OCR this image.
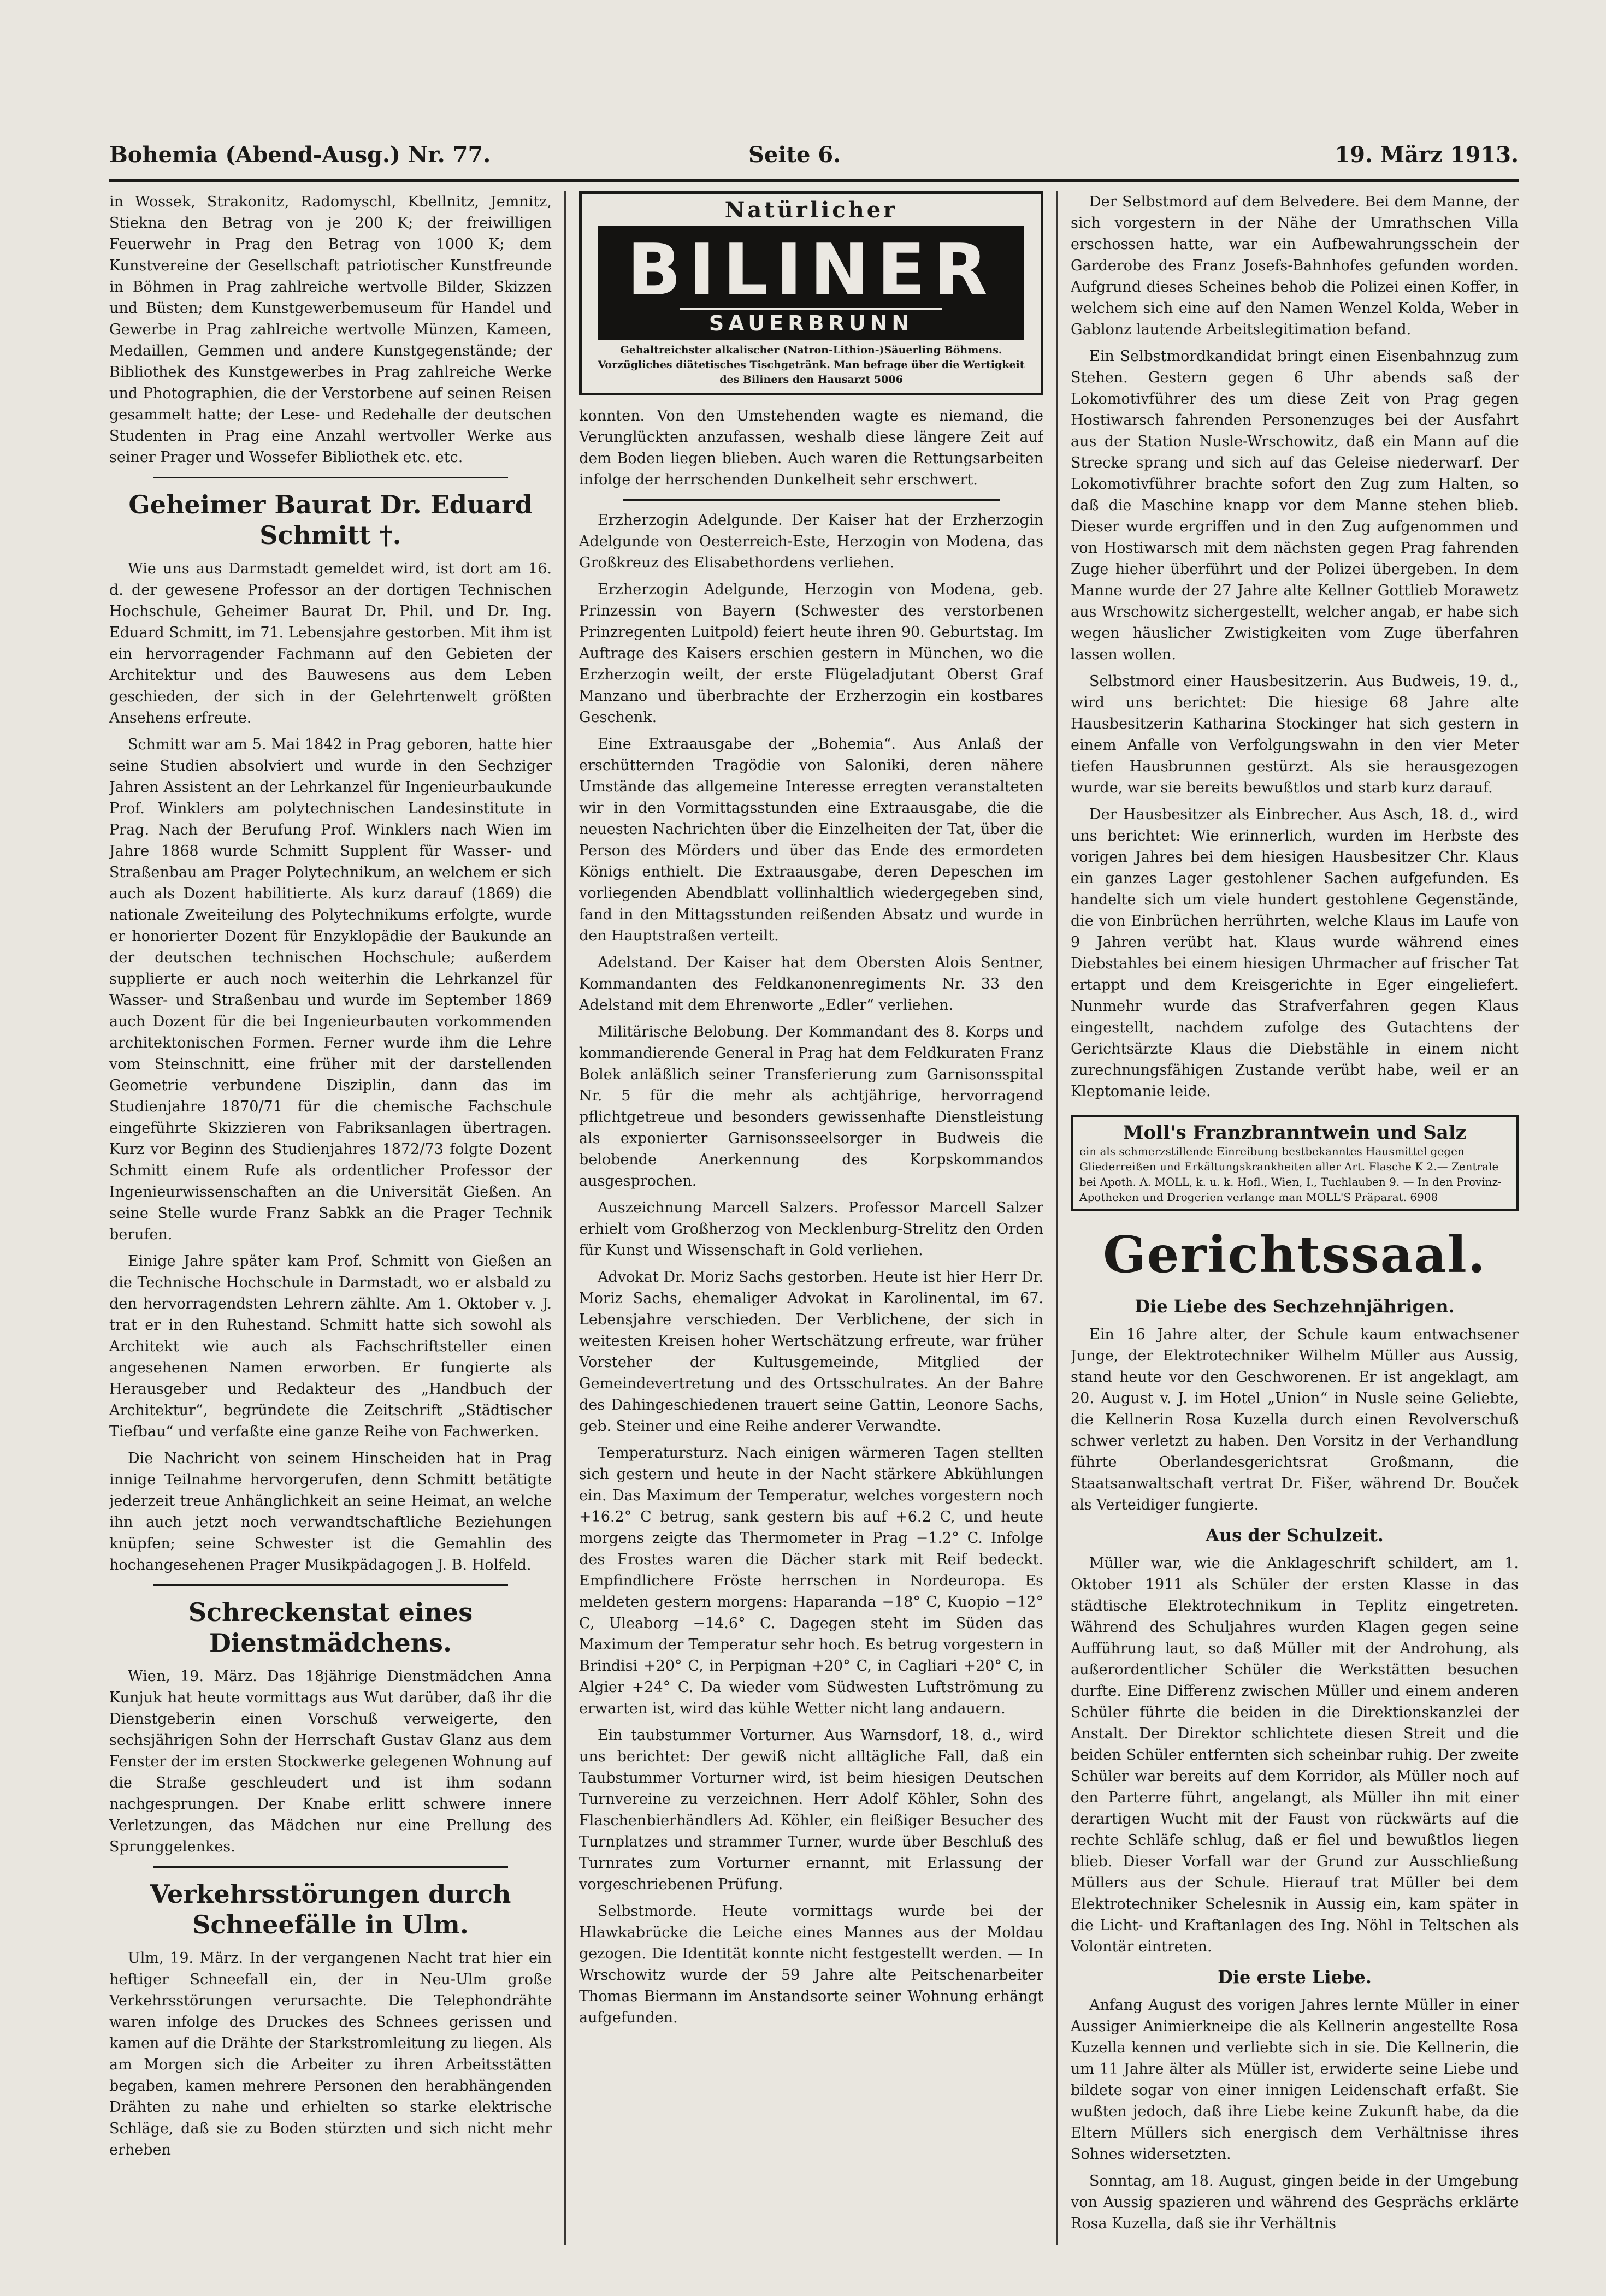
Bohemia (Abend-Ausg.) Nr. 77.	Seite 6.	19. März 1913.

in Wossek, Strakonitz, Radomyschl, Kbellnitz, Jemnitz, Stiekna den Betrag von je 200 K; der freiwilligen Feuerwehr in Prag den Betrag von 1000 K; dem Kunstvereine der Gesellschaft patriotischer Kunstfreunde in Böhmen in Prag zahlreiche wertvolle Bilder, Skizzen und Büsten; dem Kunstgewerbemuseum für Handel und Gewerbe in Prag zahlreiche wertvolle Münzen, Kameen, Medaillen, Gemmen und andere Kunstgegenstände; der Bibliothek des Kunstgewerbes in Prag zahlreiche Werke und Photographien, die der Verstorbene auf seinen Reisen gesammelt hatte; der Lese- und Redehalle der deutschen Studenten in Prag eine Anzahl wertvoller Werke aus seiner Prager und Wossefer Bibliothek etc. etc.

Geheimer Baurat Dr. Eduard Schmitt †.

Wie uns aus Darmstadt gemeldet wird, ist dort am 16. d. der gewesene Professor an der dortigen Technischen Hochschule, Geheimer Baurat Dr. Phil. und Dr. Ing. Eduard Schmitt, im 71. Lebensjahre gestorben. Mit ihm ist ein hervorragender Fachmann auf den Gebieten der Architektur und des Bauwesens aus dem Leben geschieden, der sich in der Gelehrtenwelt größten Ansehens erfreute.

Schmitt war am 5. Mai 1842 in Prag geboren, hatte hier seine Studien absolviert und wurde in den Sechziger Jahren Assistent an der Lehrkanzel für Ingenieurbaukunde Prof. Winklers am polytechnischen Landesinstitute in Prag. Nach der Berufung Prof. Winklers nach Wien im Jahre 1868 wurde Schmitt Supplent für Wasser- und Straßenbau am Prager Polytechnikum, an welchem er sich auch als Dozent habilitierte. Als kurz darauf (1869) die nationale Zweiteilung des Polytechnikums erfolgte, wurde er honorierter Dozent für Enzyklopädie der Baukunde an der deutschen technischen Hochschule; außerdem supplierte er auch noch weiterhin die Lehrkanzel für Wasser- und Straßenbau und wurde im September 1869 auch Dozent für die bei Ingenieurbauten vorkommenden architektonischen Formen. Ferner wurde ihm die Lehre vom Steinschnitt, eine früher mit der darstellenden Geometrie verbundene Disziplin, dann das im Studienjahre 1870/71 für die chemische Fachschule eingeführte Skizzieren von Fabriksanlagen übertragen. Kurz vor Beginn des Studienjahres 1872/73 folgte Dozent Schmitt einem Rufe als ordentlicher Professor der Ingenieurwissenschaften an die Universität Gießen. An seine Stelle wurde Franz Sabkk an die Prager Technik berufen.

Einige Jahre später kam Prof. Schmitt von Gießen an die Technische Hochschule in Darmstadt, wo er alsbald zu den hervorragendsten Lehrern zählte. Am 1. Oktober v. J. trat er in den Ruhestand. Schmitt hatte sich sowohl als Architekt wie auch als Fachschriftsteller einen angesehenen Namen erworben. Er fungierte als Herausgeber und Redakteur des „Handbuch der Architektur“, begründete die Zeitschrift „Städtischer Tiefbau“ und verfaßte eine ganze Reihe von Fachwerken.

Die Nachricht von seinem Hinscheiden hat in Prag innige Teilnahme hervorgerufen, denn Schmitt betätigte jederzeit treue Anhänglichkeit an seine Heimat, an welche ihn auch jetzt noch verwandtschaftliche Beziehungen knüpfen; seine Schwester ist die Gemahlin des hochangesehenen Prager Musikpädagogen J. B. Holfeld.

Schreckenstat eines Dienstmädchens.

Wien, 19. März. Das 18jährige Dienstmädchen Anna Kunjuk hat heute vormittags aus Wut darüber, daß ihr die Dienstgeberin einen Vorschuß verweigerte, den sechsjährigen Sohn der Herrschaft Gustav Glanz aus dem Fenster der im ersten Stockwerke gelegenen Wohnung auf die Straße geschleudert und ist ihm sodann nachgesprungen. Der Knabe erlitt schwere innere Verletzungen, das Mädchen nur eine Prellung des Sprunggelenkes.

Verkehrsstörungen durch Schneefälle in Ulm.

Ulm, 19. März. In der vergangenen Nacht trat hier ein heftiger Schneefall ein, der in Neu-Ulm große Verkehrsstörungen verursachte. Die Telephondrähte waren infolge des Druckes des Schnees gerissen und kamen auf die Drähte der Starkstromleitung zu liegen. Als am Morgen sich die Arbeiter zu ihren Arbeitsstätten begaben, kamen mehrere Personen den herabhängenden Drähten zu nahe und erhielten so starke elektrische Schläge, daß sie zu Boden stürzten und sich nicht mehr erheben

Natürlicher
BILINER
SAUERBRUNN
Gehaltreichster alkalischer (Natron-Lithion-)Säuerling Böhmens. Vorzügliches diätetisches Tischgetränk. Man befrage über die Wertigkeit des Biliners den Hausarzt 5006

konnten. Von den Umstehenden wagte es niemand, die Verunglückten anzufassen, weshalb diese längere Zeit auf dem Boden liegen blieben. Auch waren die Rettungsarbeiten infolge der herrschenden Dunkelheit sehr erschwert.

Erzherzogin Adelgunde. Der Kaiser hat der Erzherzogin Adelgunde von Oesterreich-Este, Herzogin von Modena, das Großkreuz des Elisabethordens verliehen.

Erzherzogin Adelgunde, Herzogin von Modena, geb. Prinzessin von Bayern (Schwester des verstorbenen Prinzregenten Luitpold) feiert heute ihren 90. Geburtstag. Im Auftrage des Kaisers erschien gestern in München, wo die Erzherzogin weilt, der erste Flügeladjutant Oberst Graf Manzano und überbrachte der Erzherzogin ein kostbares Geschenk.

Eine Extraausgabe der „Bohemia“. Aus Anlaß der erschütternden Tragödie von Saloniki, deren nähere Umstände das allgemeine Interesse erregten veranstalteten wir in den Vormittagsstunden eine Extraausgabe, die die neuesten Nachrichten über die Einzelheiten der Tat, über die Person des Mörders und über das Ende des ermordeten Königs enthielt. Die Extraausgabe, deren Depeschen im vorliegenden Abendblatt vollinhaltlich wiedergegeben sind, fand in den Mittagsstunden reißenden Absatz und wurde in den Hauptstraßen verteilt.

Adelstand. Der Kaiser hat dem Obersten Alois Sentner, Kommandanten des Feldkanonenregiments Nr. 33 den Adelstand mit dem Ehrenworte „Edler“ verliehen.

Militärische Belobung. Der Kommandant des 8. Korps und kommandierende General in Prag hat dem Feldkuraten Franz Bolek anläßlich seiner Transferierung zum Garnisonsspital Nr. 5 für die mehr als achtjährige, hervorragend pflichtgetreue und besonders gewissenhafte Dienstleistung als exponierter Garnisonsseelsorger in Budweis die belobende Anerkennung des Korpskommandos ausgesprochen.

Auszeichnung Marcell Salzers. Professor Marcell Salzer erhielt vom Großherzog von Mecklenburg-Strelitz den Orden für Kunst und Wissenschaft in Gold verliehen.

Advokat Dr. Moriz Sachs gestorben. Heute ist hier Herr Dr. Moriz Sachs, ehemaliger Advokat in Karolinental, im 67. Lebensjahre verschieden. Der Verblichene, der sich in weitesten Kreisen hoher Wertschätzung erfreute, war früher Vorsteher der Kultusgemeinde, Mitglied der Gemeindevertretung und des Ortsschulrates. An der Bahre des Dahingeschiedenen trauert seine Gattin, Leonore Sachs, geb. Steiner und eine Reihe anderer Verwandte.

Temperatursturz. Nach einigen wärmeren Tagen stellten sich gestern und heute in der Nacht stärkere Abkühlungen ein. Das Maximum der Temperatur, welches vorgestern noch +16.2° C betrug, sank gestern bis auf +6.2 C, und heute morgens zeigte das Thermometer in Prag −1.2° C. Infolge des Frostes waren die Dächer stark mit Reif bedeckt. Empfindlichere Fröste herrschen in Nordeuropa. Es meldeten gestern morgens: Haparanda −18° C, Kuopio −12° C, Uleaborg −14.6° C. Dagegen steht im Süden das Maximum der Temperatur sehr hoch. Es betrug vorgestern in Brindisi +20° C, in Perpignan +20° C, in Cagliari +20° C, in Algier +24° C. Da wieder vom Südwesten Luftströmung zu erwarten ist, wird das kühle Wetter nicht lang andauern.

Ein taubstummer Vorturner. Aus Warnsdorf, 18. d., wird uns berichtet: Der gewiß nicht alltägliche Fall, daß ein Taubstummer Vorturner wird, ist beim hiesigen Deutschen Turnvereine zu verzeichnen. Herr Adolf Köhler, Sohn des Flaschenbierhändlers Ad. Köhler, ein fleißiger Besucher des Turnplatzes und strammer Turner, wurde über Beschluß des Turnrates zum Vorturner ernannt, mit Erlassung der vorgeschriebenen Prüfung.

Selbstmorde. Heute vormittags wurde bei der Hlawkabrücke die Leiche eines Mannes aus der Moldau gezogen. Die Identität konnte nicht festgestellt werden. — In Wrschowitz wurde der 59 Jahre alte Peitschenarbeiter Thomas Biermann im Anstandsorte seiner Wohnung erhängt aufgefunden.

Der Selbstmord auf dem Belvedere. Bei dem Manne, der sich vorgestern in der Nähe der Umrathschen Villa erschossen hatte, war ein Aufbewahrungsschein der Garderobe des Franz Josefs-Bahnhofes gefunden worden. Aufgrund dieses Scheines behob die Polizei einen Koffer, in welchem sich eine auf den Namen Wenzel Kolda, Weber in Gablonz lautende Arbeitslegitimation befand.

Ein Selbstmordkandidat bringt einen Eisenbahnzug zum Stehen. Gestern gegen 6 Uhr abends saß der Lokomotivführer des um diese Zeit von Prag gegen Hostiwarsch fahrenden Personenzuges bei der Ausfahrt aus der Station Nusle-Wrschowitz, daß ein Mann auf die Strecke sprang und sich auf das Geleise niederwarf. Der Lokomotivführer brachte sofort den Zug zum Halten, so daß die Maschine knapp vor dem Manne stehen blieb. Dieser wurde ergriffen und in den Zug aufgenommen und von Hostiwarsch mit dem nächsten gegen Prag fahrenden Zuge hieher überführt und der Polizei übergeben. In dem Manne wurde der 27 Jahre alte Kellner Gottlieb Morawetz aus Wrschowitz sichergestellt, welcher angab, er habe sich wegen häuslicher Zwistigkeiten vom Zuge überfahren lassen wollen.

Selbstmord einer Hausbesitzerin. Aus Budweis, 19. d., wird uns berichtet: Die hiesige 68 Jahre alte Hausbesitzerin Katharina Stockinger hat sich gestern in einem Anfalle von Verfolgungswahn in den vier Meter tiefen Hausbrunnen gestürzt. Als sie herausgezogen wurde, war sie bereits bewußtlos und starb kurz darauf.

Der Hausbesitzer als Einbrecher. Aus Asch, 18. d., wird uns berichtet: Wie erinnerlich, wurden im Herbste des vorigen Jahres bei dem hiesigen Hausbesitzer Chr. Klaus ein ganzes Lager gestohlener Sachen aufgefunden. Es handelte sich um viele hundert gestohlene Gegenstände, die von Einbrüchen herrührten, welche Klaus im Laufe von 9 Jahren verübt hat. Klaus wurde während eines Diebstahles bei einem hiesigen Uhrmacher auf frischer Tat ertappt und dem Kreisgerichte in Eger eingeliefert. Nunmehr wurde das Strafverfahren gegen Klaus eingestellt, nachdem zufolge des Gutachtens der Gerichtsärzte Klaus die Diebstähle in einem nicht zurechnungsfähigen Zustande verübt habe, weil er an Kleptomanie leide.

Moll's Franzbranntwein und Salz
ein als schmerzstillende Einreibung bestbekanntes Hausmittel gegen Gliederreißen und Erkältungskrankheiten aller Art. Flasche K 2.— Zentrale bei Apoth. A. MOLL, k. u. k. Hofl., Wien, I., Tuchlauben 9. — In den Provinz-Apotheken und Drogerien verlange man MOLL'S Präparat. 6908
Gerichtssaal.
Die Liebe des Sechzehnjährigen.

Ein 16 Jahre alter, der Schule kaum entwachsener Junge, der Elektrotechniker Wilhelm Müller aus Aussig, stand heute vor den Geschworenen. Er ist angeklagt, am 20. August v. J. im Hotel „Union“ in Nusle seine Geliebte, die Kellnerin Rosa Kuzella durch einen Revolverschuß schwer verletzt zu haben. Den Vorsitz in der Verhandlung führte Oberlandesgerichtsrat Großmann, die Staatsanwaltschaft vertrat Dr. Fišer, während Dr. Bouček als Verteidiger fungierte.

Aus der Schulzeit.

Müller war, wie die Anklageschrift schildert, am 1. Oktober 1911 als Schüler der ersten Klasse in das städtische Elektrotechnikum in Teplitz eingetreten. Während des Schuljahres wurden Klagen gegen seine Aufführung laut, so daß Müller mit der Androhung, als außerordentlicher Schüler die Werkstätten besuchen durfte. Eine Differenz zwischen Müller und einem anderen Schüler führte die beiden in die Direktionskanzlei der Anstalt. Der Direktor schlichtete diesen Streit und die beiden Schüler entfernten sich scheinbar ruhig. Der zweite Schüler war bereits auf dem Korridor, als Müller noch auf den Parterre führt, angelangt, als Müller ihn mit einer derartigen Wucht mit der Faust von rückwärts auf die rechte Schläfe schlug, daß er fiel und bewußtlos liegen blieb. Dieser Vorfall war der Grund zur Ausschließung Müllers aus der Schule. Hierauf trat Müller bei dem Elektrotechniker Schelesnik in Aussig ein, kam später in die Licht- und Kraftanlagen des Ing. Nöhl in Teltschen als Volontär eintreten.

Die erste Liebe.

Anfang August des vorigen Jahres lernte Müller in einer Aussiger Animierkneipe die als Kellnerin angestellte Rosa Kuzella kennen und verliebte sich in sie. Die Kellnerin, die um 11 Jahre älter als Müller ist, erwiderte seine Liebe und bildete sogar von einer innigen Leidenschaft erfaßt. Sie wußten jedoch, daß ihre Liebe keine Zukunft habe, da die Eltern Müllers sich energisch dem Verhältnisse ihres Sohnes widersetzten.

Sonntag, am 18. August, gingen beide in der Umgebung von Aussig spazieren und während des Gesprächs erklärte Rosa Kuzella, daß sie ihr Verhältnis
